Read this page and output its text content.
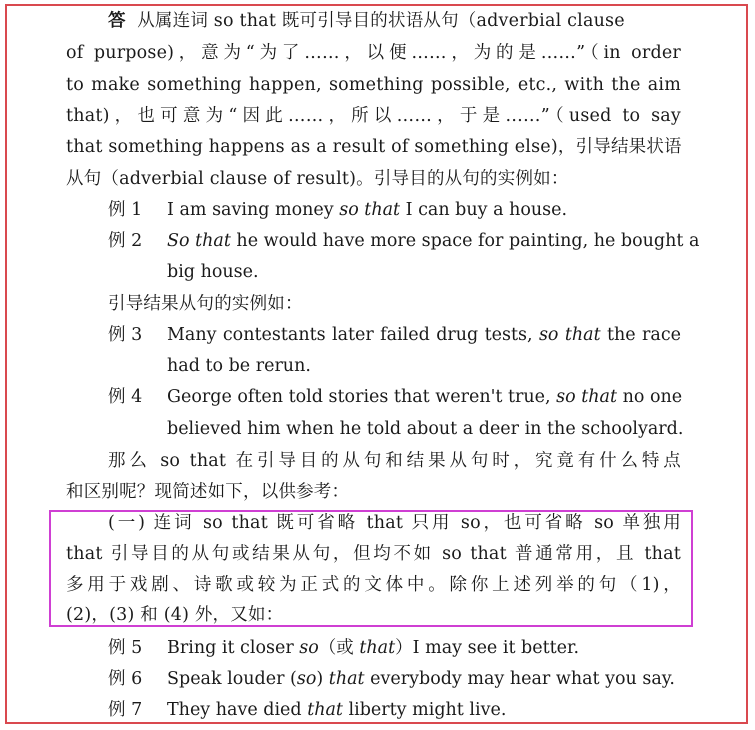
答 从属连词 so that 既可引导目的状语从句（adverbial clause
of purpose)，意为“为了……，以便……，为的是……”（in order
to make something happen, something possible, etc., with the aim
that)，也可意为“因此……，所以……，于是……”（used to say
that something happens as a result of something else)，引导结果状语
从句（adverbial clause of result)。引导目的从句的实例如：
例 1 I am saving money so that I can buy a house.
例 2 So that he would have more space for painting, he bought a
big house.
引导结果从句的实例如：
例 3 Many contestants later failed drug tests, so that the race
had to be rerun.
例 4 George often told stories that weren't true, so that no one
believed him when he told about a deer in the schoolyard.
那么 so that 在引导目的从句和结果从句时，究竟有什么特点
和区别呢？现简述如下，以供参考：
(一) 连词 so that 既可省略 that 只用 so，也可省略 so 单独用
that 引导目的从句或结果从句，但均不如 so that 普通常用，且 that
多用于戏剧、诗歌或较为正式的文体中。除你上述列举的句（1)，
(2)，(3) 和 (4) 外，又如：
例 5 Bring it closer so（或 that）I may see it better.
例 6 Speak louder (so) that everybody may hear what you say.
例 7 They have died that liberty might live.
